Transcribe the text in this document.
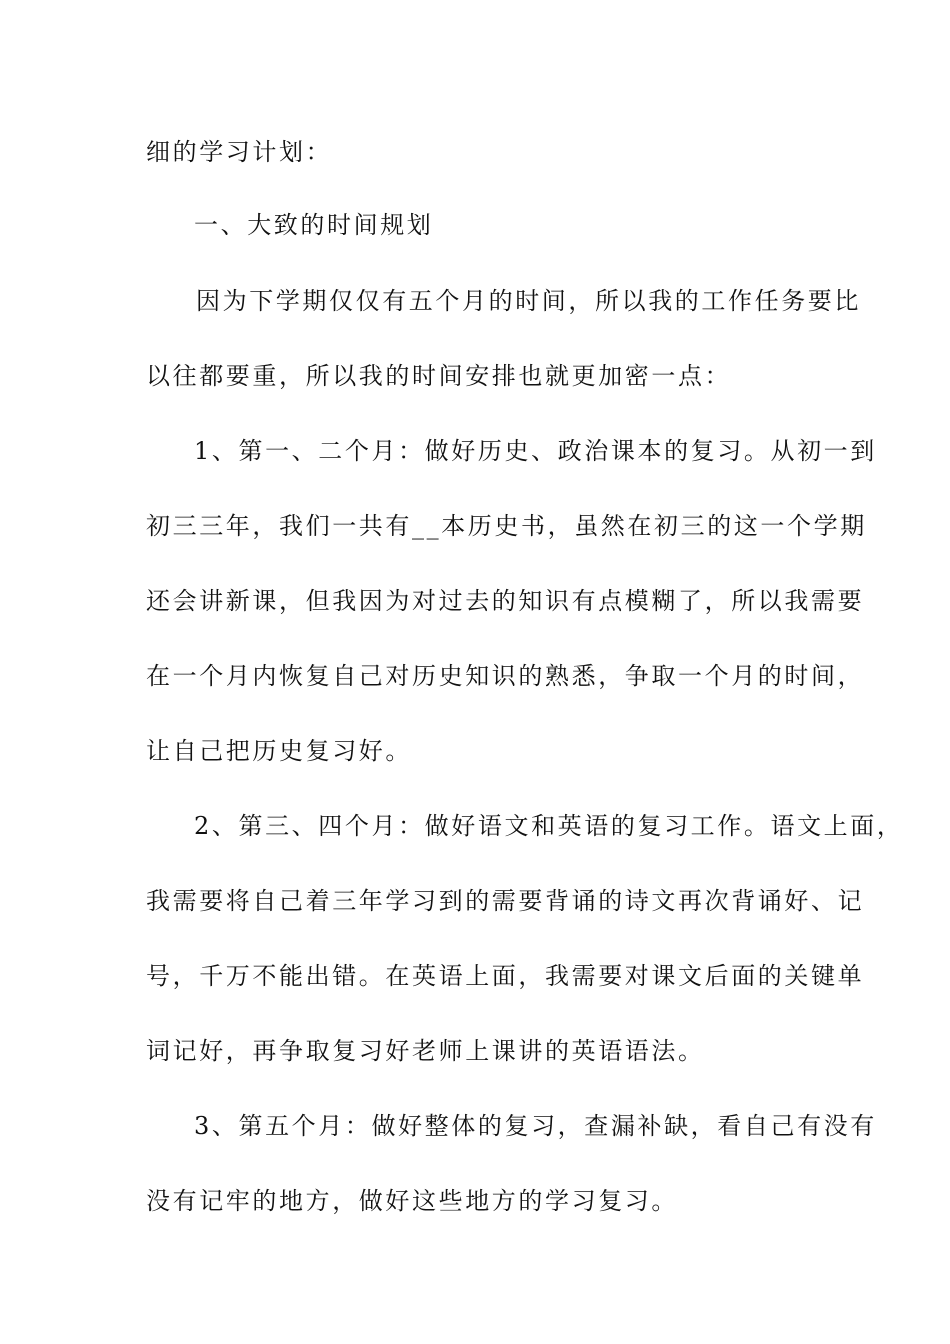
细的学习计划：
一、大致的时间规划
因为下学期仅仅有五个月的时间，所以我的工作任务要比
以往都要重，所以我的时间安排也就更加密一点：
1、第一、二个月：做好历史、政治课本的复习。从初一到
初三三年，我们一共有__本历史书，虽然在初三的这一个学期
还会讲新课，但我因为对过去的知识有点模糊了，所以我需要
在一个月内恢复自己对历史知识的熟悉，争取一个月的时间，
让自己把历史复习好。
2、第三、四个月：做好语文和英语的复习工作。语文上面，
我需要将自己着三年学习到的需要背诵的诗文再次背诵好、记
号，千万不能出错。在英语上面，我需要对课文后面的关键单
词记好，再争取复习好老师上课讲的英语语法。
3、第五个月：做好整体的复习，查漏补缺，看自己有没有
没有记牢的地方，做好这些地方的学习复习。
